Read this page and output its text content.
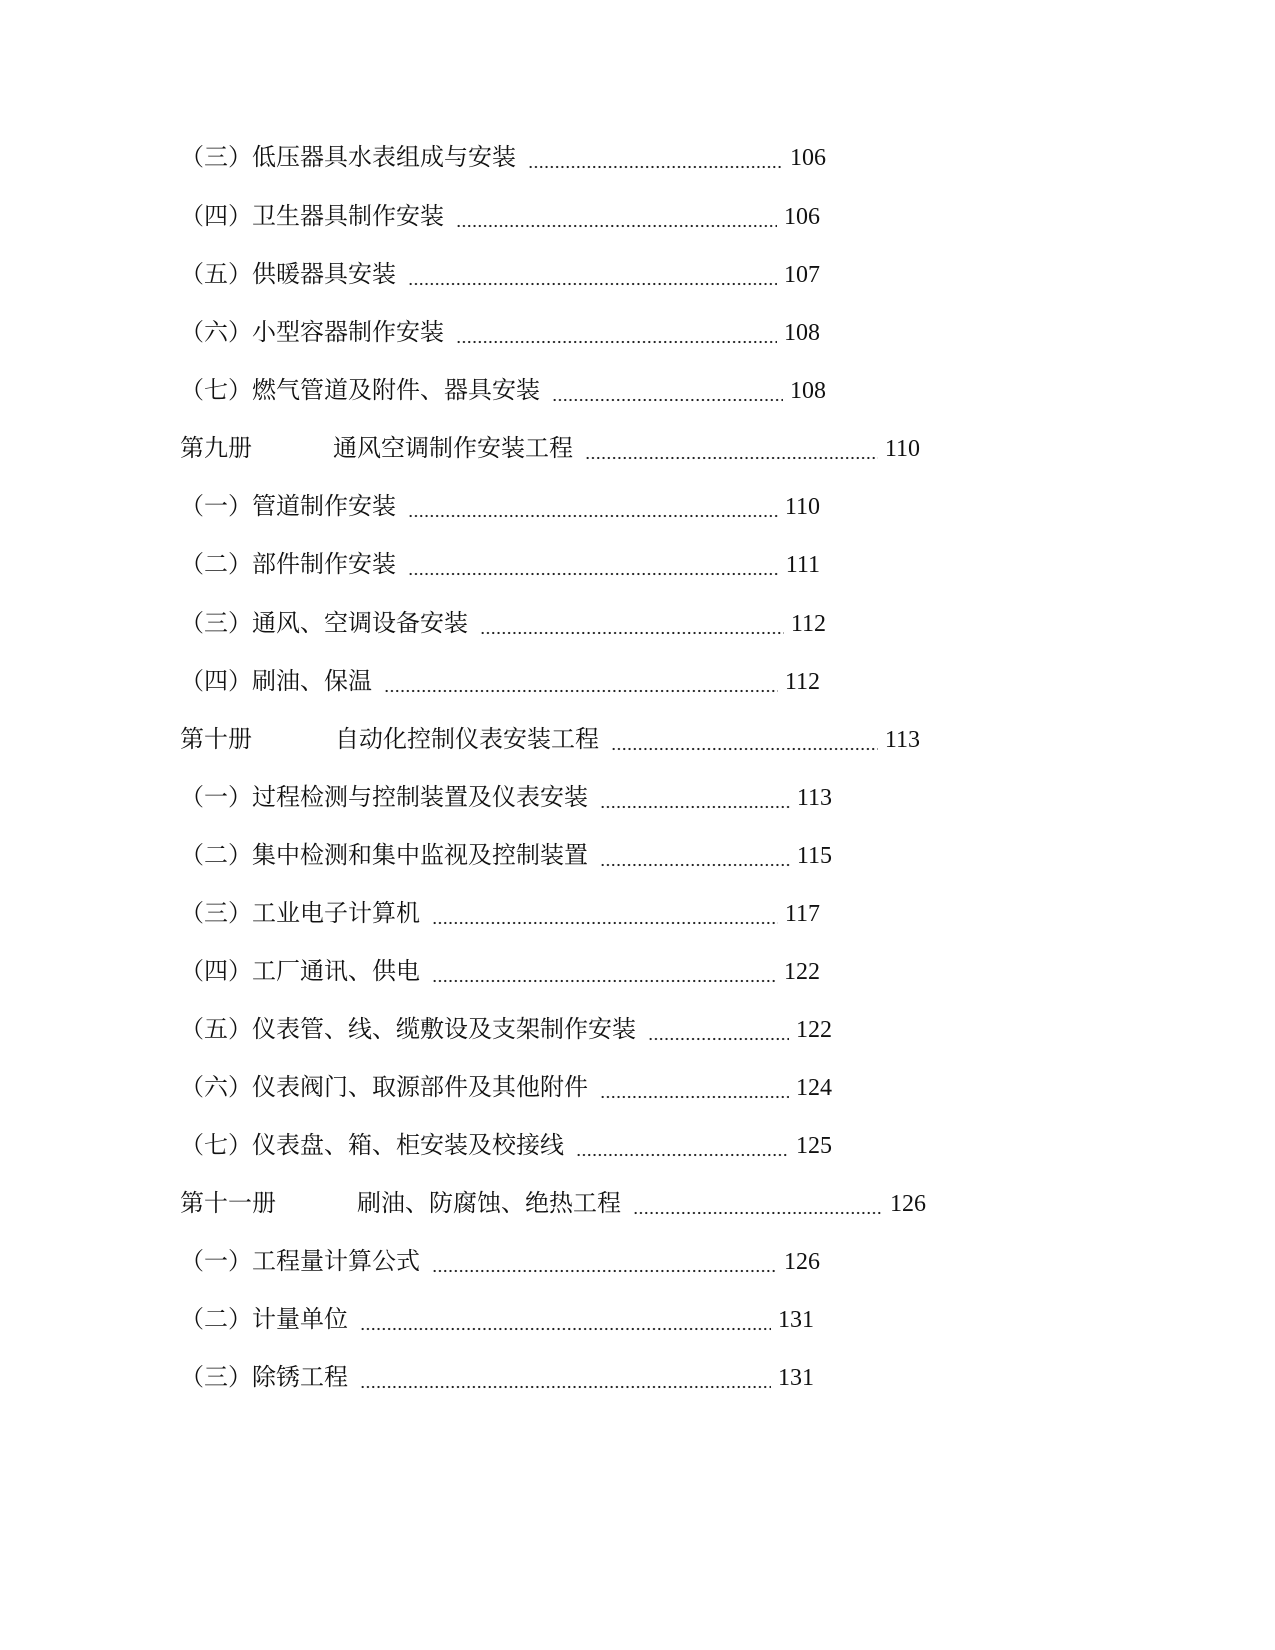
（三）低压器具水表组成与安装	106
（四）卫生器具制作安装	106
（五）供暖器具安装	107
（六）小型容器制作安装	108
（七）燃气管道及附件、器具安装	108
第九册	通风空调制作安装工程	110
（一）管道制作安装	110
（二）部件制作安装	111
（三）通风、空调设备安装	112
（四）刷油、保温	112
第十册	自动化控制仪表安装工程	113
（一）过程检测与控制装置及仪表安装	113
（二）集中检测和集中监视及控制装置	115
（三）工业电子计算机	117
（四）工厂通讯、供电	122
（五）仪表管、线、缆敷设及支架制作安装	122
（六）仪表阀门、取源部件及其他附件	124
（七）仪表盘、箱、柜安装及校接线	125
第十一册	刷油、防腐蚀、绝热工程	126
（一）工程量计算公式	126
（二）计量单位	131
（三）除锈工程	131
